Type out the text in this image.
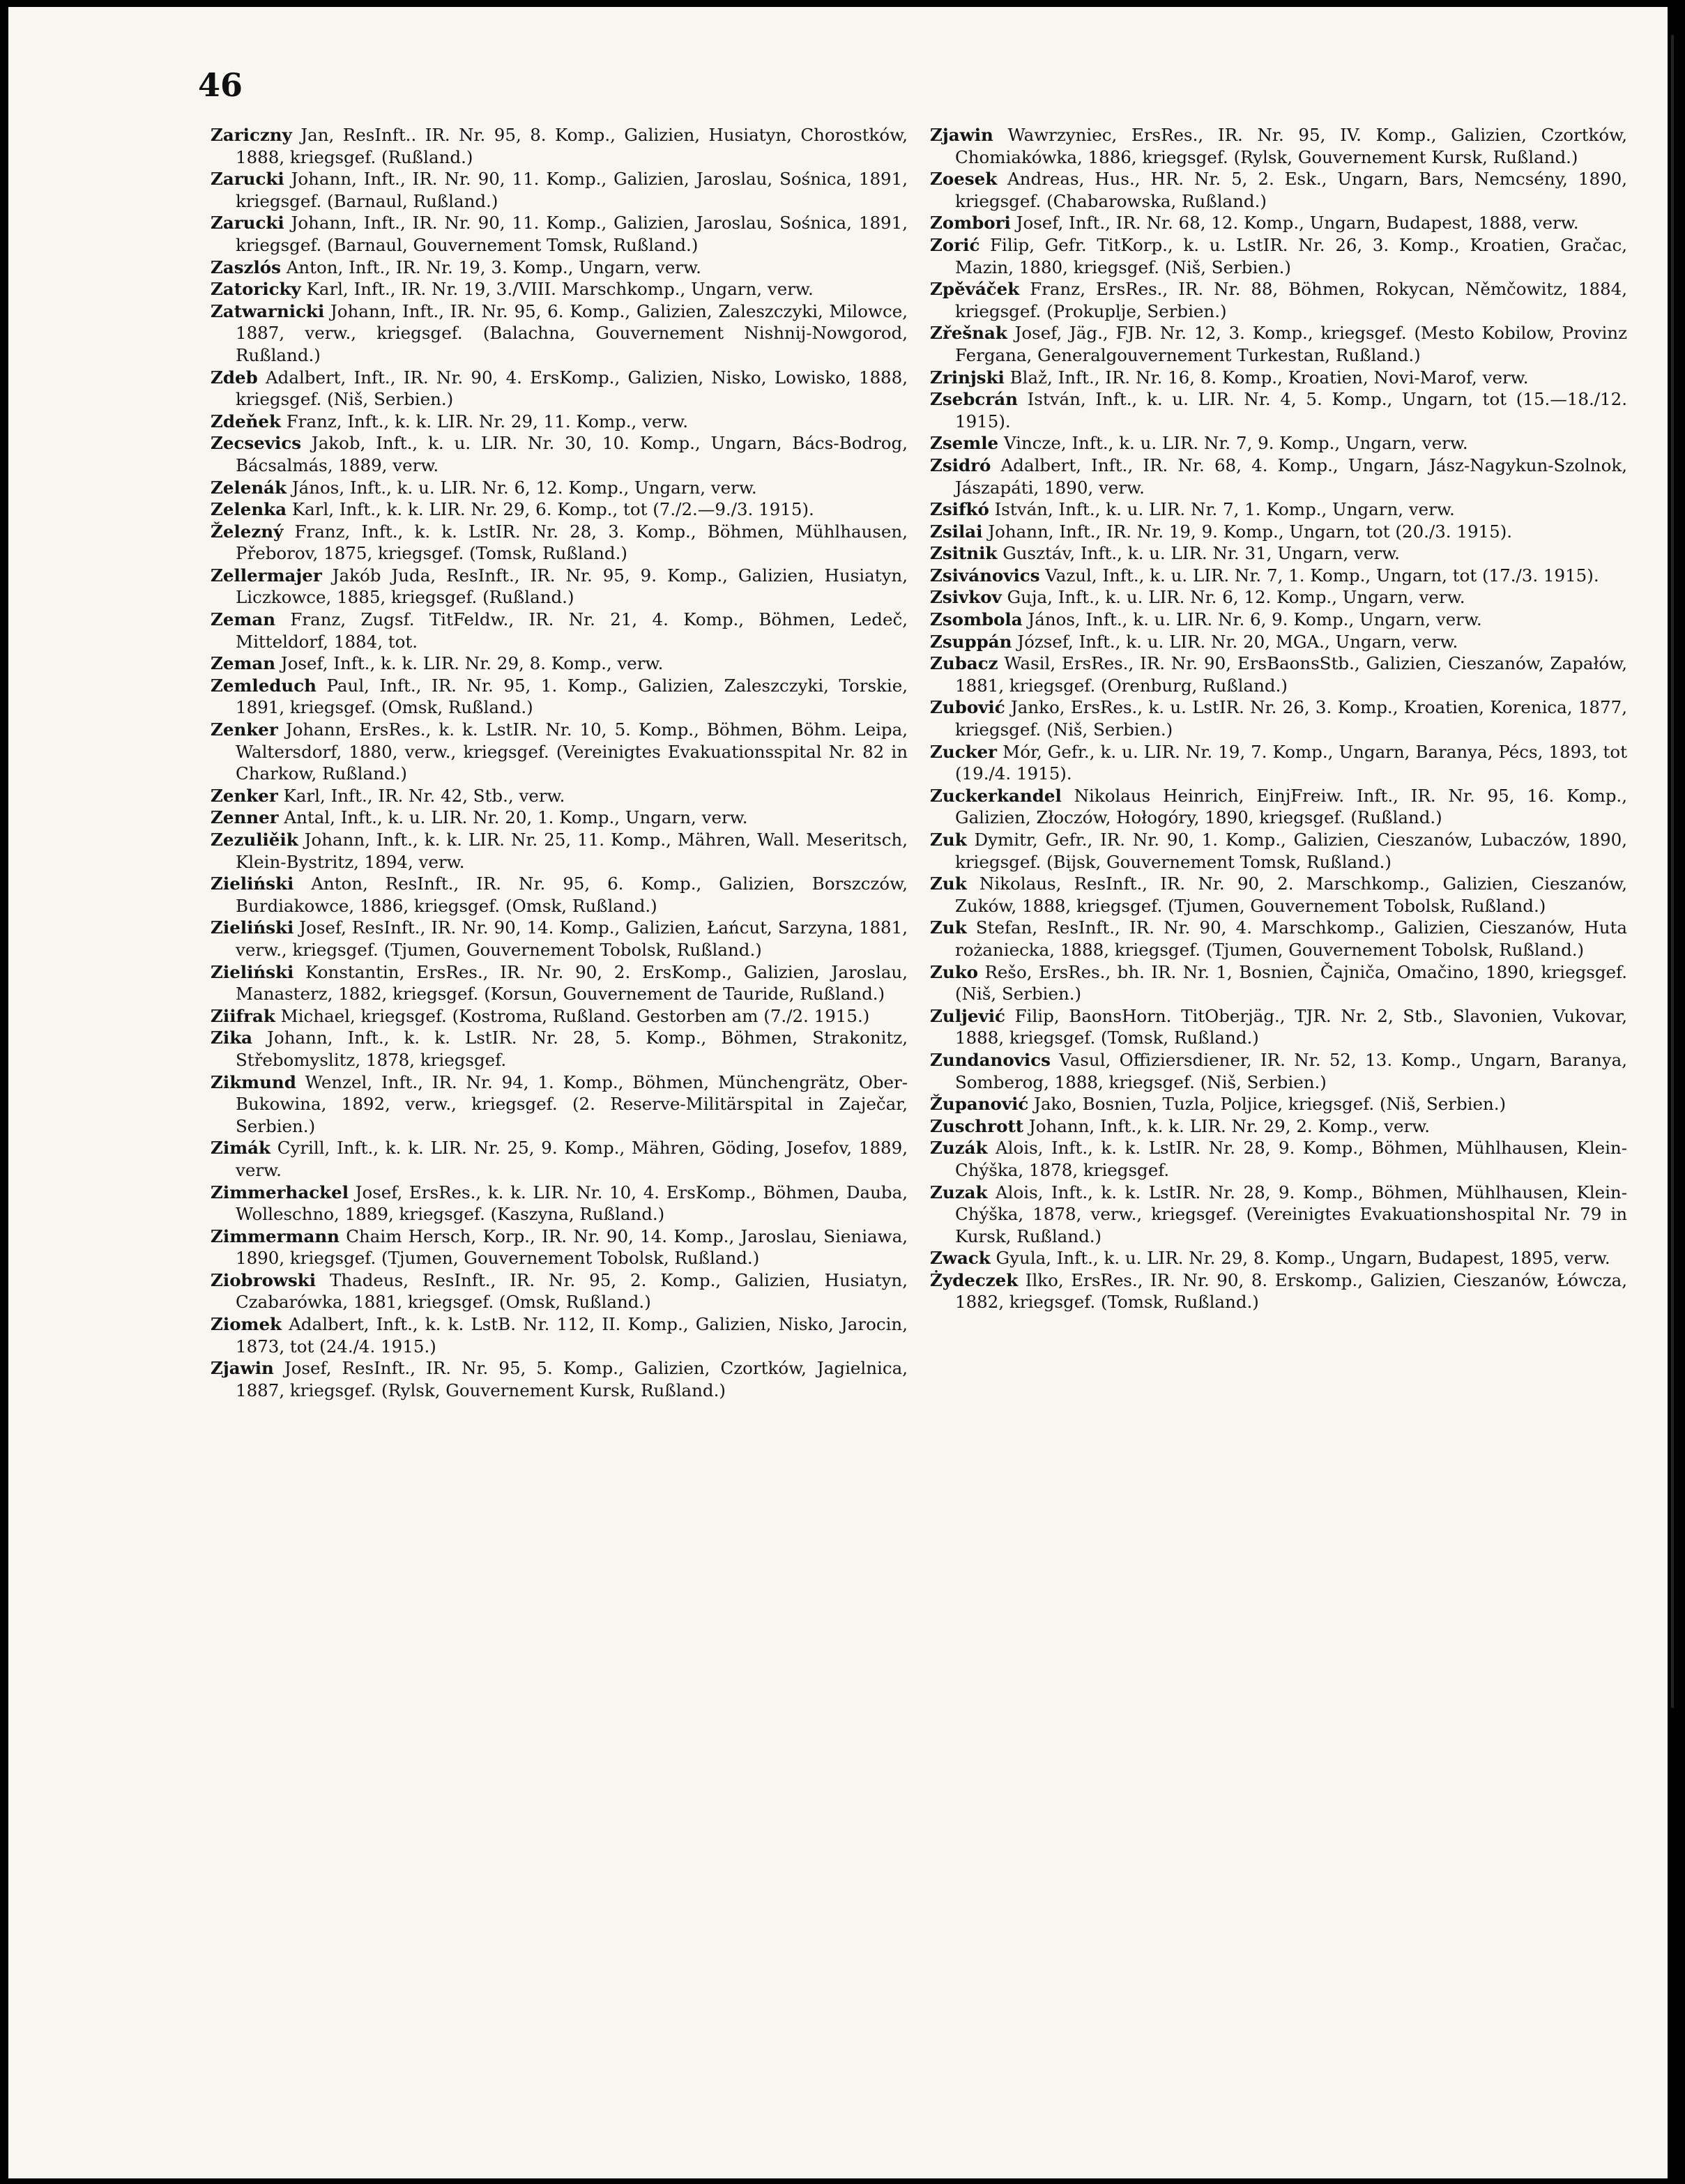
46

Zariczny Jan, ResInft.. IR. Nr. 95, 8. Komp., Galizien, Husiatyn, Chorostków, 1888, kriegsgef. (Rußland.)

Zarucki Johann, Inft., IR. Nr. 90, 11. Komp., Galizien, Jaroslau, Sośnica, 1891, kriegsgef. (Barnaul, Rußland.)

Zarucki Johann, Inft., IR. Nr. 90, 11. Komp., Galizien, Jaroslau, Sośnica, 1891, kriegsgef. (Barnaul, Gouvernement Tomsk, Rußland.)

Zaszlós Anton, Inft., IR. Nr. 19, 3. Komp., Ungarn, verw.

Zatoricky Karl, Inft., IR. Nr. 19, 3./VIII. Marschkomp., Ungarn, verw.

Zatwarnicki Johann, Inft., IR. Nr. 95, 6. Komp., Galizien, Zaleszczyki, Milowce, 1887, verw., kriegsgef. (Balachna, Gouvernement Nishnij-Nowgorod, Rußland.)

Zdeb Adalbert, Inft., IR. Nr. 90, 4. ErsKomp., Galizien, Nisko, Lowisko, 1888, kriegsgef. (Niš, Serbien.)

Zdeňek Franz, Inft., k. k. LIR. Nr. 29, 11. Komp., verw.

Zecsevics Jakob, Inft., k. u. LIR. Nr. 30, 10. Komp., Ungarn, Bács-Bodrog, Bácsalmás, 1889, verw.

Zelenák János, Inft., k. u. LIR. Nr. 6, 12. Komp., Ungarn, verw.

Zelenka Karl, Inft., k. k. LIR. Nr. 29, 6. Komp., tot (7./2.—9./3. 1915).

Železný Franz, Inft., k. k. LstIR. Nr. 28, 3. Komp., Böhmen, Mühlhausen, Přeborov, 1875, kriegsgef. (Tomsk, Rußland.)

Zellermajer Jakób Juda, ResInft., IR. Nr. 95, 9. Komp., Galizien, Husiatyn, Liczkowce, 1885, kriegsgef. (Rußland.)

Zeman Franz, Zugsf. TitFeldw., IR. Nr. 21, 4. Komp., Böhmen, Ledeč, Mitteldorf, 1884, tot.

Zeman Josef, Inft., k. k. LIR. Nr. 29, 8. Komp., verw.

Zemleduch Paul, Inft., IR. Nr. 95, 1. Komp., Galizien, Zaleszczyki, Torskie, 1891, kriegsgef. (Omsk, Rußland.)

Zenker Johann, ErsRes., k. k. LstIR. Nr. 10, 5. Komp., Böhmen, Böhm. Leipa, Waltersdorf, 1880, verw., kriegsgef. (Vereinigtes Evakuationsspital Nr. 82 in Charkow, Rußland.)

Zenker Karl, Inft., IR. Nr. 42, Stb., verw.

Zenner Antal, Inft., k. u. LIR. Nr. 20, 1. Komp., Ungarn, verw.

Zezuliěik Johann, Inft., k. k. LIR. Nr. 25, 11. Komp., Mähren, Wall. Meseritsch, Klein-Bystritz, 1894, verw.

Zieliński Anton, ResInft., IR. Nr. 95, 6. Komp., Galizien, Borszczów, Burdiakowce, 1886, kriegsgef. (Omsk, Rußland.)

Zieliński Josef, ResInft., IR. Nr. 90, 14. Komp., Galizien, Łańcut, Sarzyna, 1881, verw., kriegsgef. (Tjumen, Gouvernement Tobolsk, Rußland.)

Zieliński Konstantin, ErsRes., IR. Nr. 90, 2. ErsKomp., Galizien, Jaroslau, Manasterz, 1882, kriegsgef. (Korsun, Gouvernement de Tauride, Rußland.)

Ziifrak Michael, kriegsgef. (Kostroma, Rußland. Gestorben am (7./2. 1915.)

Zika Johann, Inft., k. k. LstIR. Nr. 28, 5. Komp., Böhmen, Strakonitz, Střebomyslitz, 1878, kriegsgef.

Zikmund Wenzel, Inft., IR. Nr. 94, 1. Komp., Böhmen, Münchengrätz, Ober-Bukowina, 1892, verw., kriegsgef. (2. Reserve-Militärspital in Zaječar, Serbien.)

Zimák Cyrill, Inft., k. k. LIR. Nr. 25, 9. Komp., Mähren, Göding, Josefov, 1889, verw.

Zimmerhackel Josef, ErsRes., k. k. LIR. Nr. 10, 4. ErsKomp., Böhmen, Dauba, Wolleschno, 1889, kriegsgef. (Kaszyna, Rußland.)

Zimmermann Chaim Hersch, Korp., IR. Nr. 90, 14. Komp., Jaroslau, Sieniawa, 1890, kriegsgef. (Tjumen, Gouvernement Tobolsk, Rußland.)

Ziobrowski Thadeus, ResInft., IR. Nr. 95, 2. Komp., Galizien, Husiatyn, Czabarówka, 1881, kriegsgef. (Omsk, Rußland.)

Ziomek Adalbert, Inft., k. k. LstB. Nr. 112, II. Komp., Galizien, Nisko, Jarocin, 1873, tot (24./4. 1915.)

Zjawin Josef, ResInft., IR. Nr. 95, 5. Komp., Galizien, Czortków, Jagielnica, 1887, kriegsgef. (Rylsk, Gouvernement Kursk, Rußland.)

Zjawin Wawrzyniec, ErsRes., IR. Nr. 95, IV. Komp., Galizien, Czortków, Chomiakówka, 1886, kriegsgef. (Rylsk, Gouvernement Kursk, Rußland.)

Zoesek Andreas, Hus., HR. Nr. 5, 2. Esk., Ungarn, Bars, Nemcsény, 1890, kriegsgef. (Chabarowska, Rußland.)

Zombori Josef, Inft., IR. Nr. 68, 12. Komp., Ungarn, Budapest, 1888, verw.

Zorić Filip, Gefr. TitKorp., k. u. LstIR. Nr. 26, 3. Komp., Kroatien, Gračac, Mazin, 1880, kriegsgef. (Niš, Serbien.)

Zpěváček Franz, ErsRes., IR. Nr. 88, Böhmen, Rokycan, Němčowitz, 1884, kriegsgef. (Prokuplje, Serbien.)

Zřešnak Josef, Jäg., FJB. Nr. 12, 3. Komp., kriegsgef. (Mesto Kobilow, Provinz Fergana, Generalgouvernement Turkestan, Rußland.)

Zrinjski Blaž, Inft., IR. Nr. 16, 8. Komp., Kroatien, Novi-Marof, verw.

Zsebcrán István, Inft., k. u. LIR. Nr. 4, 5. Komp., Ungarn, tot (15.—18./12. 1915).

Zsemle Vincze, Inft., k. u. LIR. Nr. 7, 9. Komp., Ungarn, verw.

Zsidró Adalbert, Inft., IR. Nr. 68, 4. Komp., Ungarn, Jász-Nagykun-Szolnok, Jászapáti, 1890, verw.

Zsifkó István, Inft., k. u. LIR. Nr. 7, 1. Komp., Ungarn, verw.

Zsilai Johann, Inft., IR. Nr. 19, 9. Komp., Ungarn, tot (20./3. 1915).

Zsitnik Gusztáv, Inft., k. u. LIR. Nr. 31, Ungarn, verw.

Zsivánovics Vazul, Inft., k. u. LIR. Nr. 7, 1. Komp., Ungarn, tot (17./3. 1915).

Zsivkov Guja, Inft., k. u. LIR. Nr. 6, 12. Komp., Ungarn, verw.

Zsombola János, Inft., k. u. LIR. Nr. 6, 9. Komp., Ungarn, verw.

Zsuppán József, Inft., k. u. LIR. Nr. 20, MGA., Ungarn, verw.

Zubacz Wasil, ErsRes., IR. Nr. 90, ErsBaonsStb., Galizien, Cieszanów, Zapałów, 1881, kriegsgef. (Orenburg, Rußland.)

Zubović Janko, ErsRes., k. u. LstIR. Nr. 26, 3. Komp., Kroatien, Korenica, 1877, kriegsgef. (Niš, Serbien.)

Zucker Mór, Gefr., k. u. LIR. Nr. 19, 7. Komp., Ungarn, Baranya, Pécs, 1893, tot (19./4. 1915).

Zuckerkandel Nikolaus Heinrich, EinjFreiw. Inft., IR. Nr. 95, 16. Komp., Galizien, Złoczów, Hołogóry, 1890, kriegsgef. (Rußland.)

Zuk Dymitr, Gefr., IR. Nr. 90, 1. Komp., Galizien, Cieszanów, Lubaczów, 1890, kriegsgef. (Bijsk, Gouvernement Tomsk, Rußland.)

Zuk Nikolaus, ResInft., IR. Nr. 90, 2. Marschkomp., Galizien, Cieszanów, Zuków, 1888, kriegsgef. (Tjumen, Gouvernement Tobolsk, Rußland.)

Zuk Stefan, ResInft., IR. Nr. 90, 4. Marschkomp., Galizien, Cieszanów, Huta rożaniecka, 1888, kriegsgef. (Tjumen, Gouvernement Tobolsk, Rußland.)

Zuko Rešo, ErsRes., bh. IR. Nr. 1, Bosnien, Čajniča, Omačino, 1890, kriegsgef. (Niš, Serbien.)

Zuljević Filip, BaonsHorn. TitOberjäg., TJR. Nr. 2, Stb., Slavonien, Vukovar, 1888, kriegsgef. (Tomsk, Rußland.)

Zundanovics Vasul, Offiziersdiener, IR. Nr. 52, 13. Komp., Ungarn, Baranya, Somberog, 1888, kriegsgef. (Niš, Serbien.)

Županović Jako, Bosnien, Tuzla, Poljice, kriegsgef. (Niš, Serbien.)

Zuschrott Johann, Inft., k. k. LIR. Nr. 29, 2. Komp., verw.

Zuzák Alois, Inft., k. k. LstIR. Nr. 28, 9. Komp., Böhmen, Mühlhausen, Klein-Chýška, 1878, kriegsgef.

Zuzak Alois, Inft., k. k. LstIR. Nr. 28, 9. Komp., Böhmen, Mühlhausen, Klein-Chýška, 1878, verw., kriegsgef. (Vereinigtes Evakuationshospital Nr. 79 in Kursk, Rußland.)

Zwack Gyula, Inft., k. u. LIR. Nr. 29, 8. Komp., Ungarn, Budapest, 1895, verw.

Żydeczek Ilko, ErsRes., IR. Nr. 90, 8. Erskomp., Galizien, Cieszanów, Łówcza, 1882, kriegsgef. (Tomsk, Rußland.)
